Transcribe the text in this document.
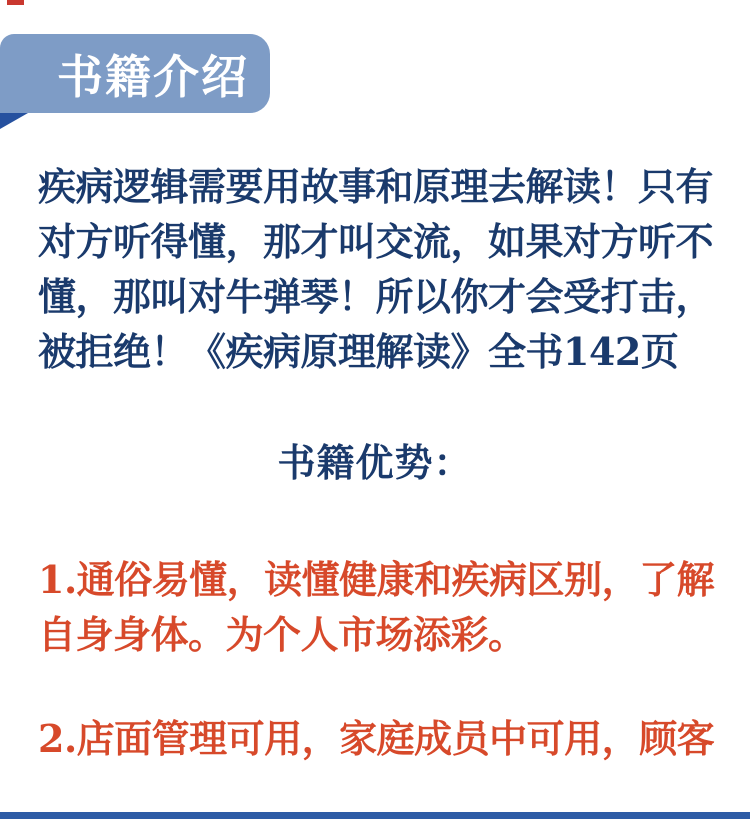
书籍介绍
疾病逻辑需要用故事和原理去解读！只有
对方听得懂，那才叫交流，如果对方听不
懂，那叫对牛弹琴！所以你才会受打击，
被拒绝！《疾病原理解读》全书142页
书籍优势：
1.通俗易懂，读懂健康和疾病区别，了解
自身身体。为个人市场添彩。
2.店面管理可用，家庭成员中可用，顾客
